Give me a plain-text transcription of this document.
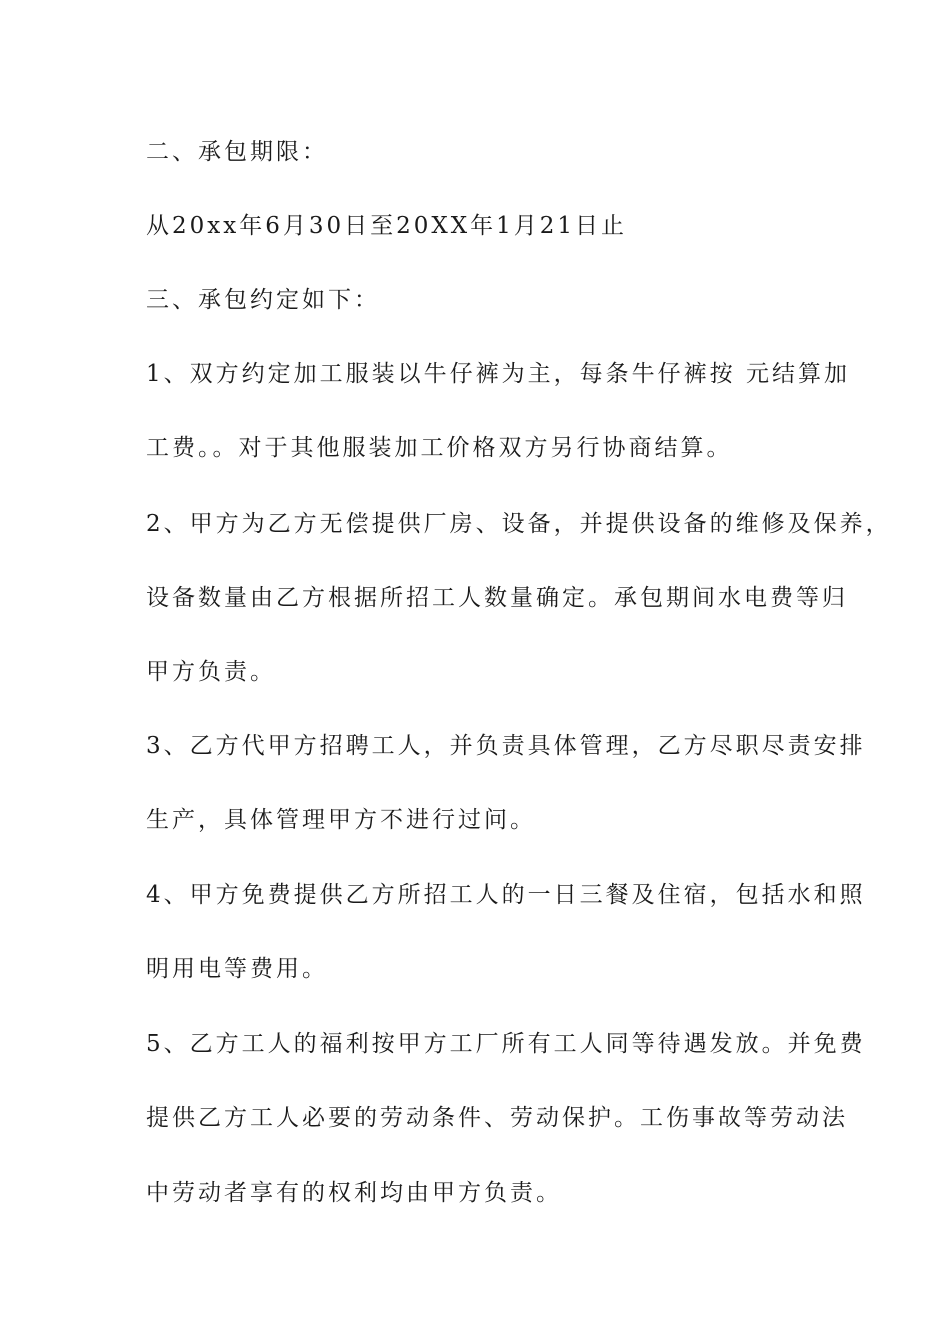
二、承包期限：
从20xx年6月30日至20XX年1月21日止
三、承包约定如下：
1、双方约定加工服装以牛仔裤为主，每条牛仔裤按 元结算加
工费。。对于其他服装加工价格双方另行协商结算。
2、甲方为乙方无偿提供厂房、设备，并提供设备的维修及保养，
设备数量由乙方根据所招工人数量确定。承包期间水电费等归
甲方负责。
3、乙方代甲方招聘工人，并负责具体管理，乙方尽职尽责安排
生产，具体管理甲方不进行过问。
4、甲方免费提供乙方所招工人的一日三餐及住宿，包括水和照
明用电等费用。
5、乙方工人的福利按甲方工厂所有工人同等待遇发放。并免费
提供乙方工人必要的劳动条件、劳动保护。工伤事故等劳动法
中劳动者享有的权利均由甲方负责。
